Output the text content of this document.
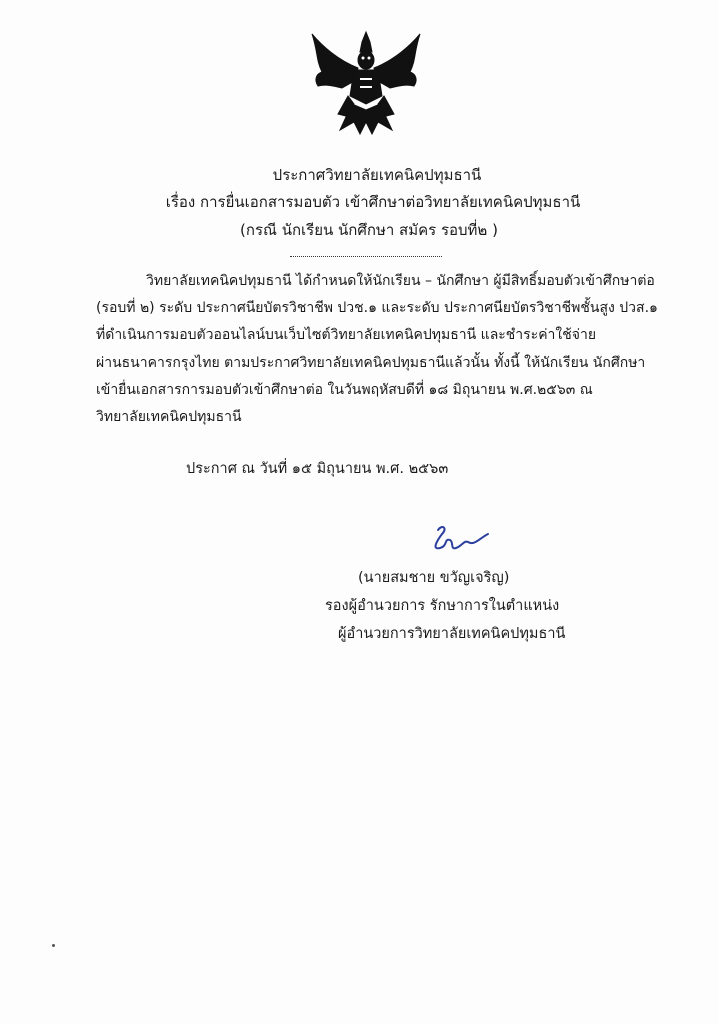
ประกาศวิทยาลัยเทคนิคปทุมธานี
เรื่อง การยื่นเอกสารมอบตัว เข้าศึกษาต่อวิทยาลัยเทคนิคปทุมธานี
(กรณี นักเรียน นักศึกษา สมัคร รอบที่๒ )
วิทยาลัยเทคนิคปทุมธานี ได้กำหนดให้นักเรียน – นักศึกษา ผู้มีสิทธิ์มอบตัวเข้าศึกษาต่อ
(รอบที่ ๒) ระดับ ประกาศนียบัตรวิชาชีพ ปวช.๑ และระดับ ประกาศนียบัตรวิชาชีพชั้นสูง ปวส.๑
ที่ดำเนินการมอบตัวออนไลน์บนเว็บไซต์วิทยาลัยเทคนิคปทุมธานี และชำระค่าใช้จ่าย
ผ่านธนาคารกรุงไทย ตามประกาศวิทยาลัยเทคนิคปทุมธานีแล้วนั้น ทั้งนี้ ให้นักเรียน นักศึกษา
เข้ายื่นเอกสารการมอบตัวเข้าศึกษาต่อ ในวันพฤหัสบดีที่ ๑๘ มิถุนายน พ.ศ.๒๕๖๓ ณ
วิทยาลัยเทคนิคปทุมธานี
ประกาศ ณ วันที่ ๑๕ มิถุนายน พ.ศ. ๒๕๖๓
(นายสมชาย ขวัญเจริญ)
รองผู้อำนวยการ รักษาการในตำแหน่ง
ผู้อำนวยการวิทยาลัยเทคนิคปทุมธานี
